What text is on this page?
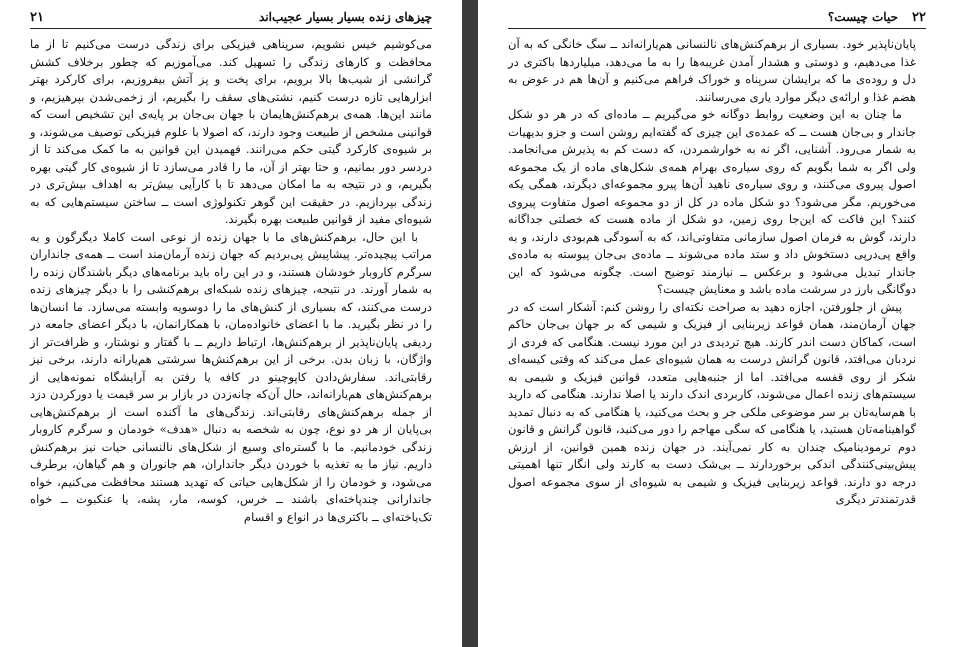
۲۱	چیزهای زنده بسیار بسیار عجیب‌اند

می‌کوشیم خیس نشویم، سرپناهی فیزیکی برای زندگی درست می‌کنیم تا از ما محافظت و کارهای زندگی را تسهیل کند. می‌آموزیم که چطور برخلاف کشش گرانشی از شیب‌ها بالا برویم، برای پخت و پز آتش بیفروزیم، برای کارکرد بهتر ابزارهایی تازه درست کنیم، نشتی‌های سقف را بگیریم، از زخمی‌شدن بپرهیزیم، و مانند این‌ها. همه‌ی برهم‌کنش‌هایمان با جهان بی‌جان بر پایه‌ی این تشخیص است که قوانینی مشخص از طبیعت وجود دارند، که اصولا با علوم فیزیکی توصیف می‌شوند، و بر شیوه‌ی کارکرد گیتی حکم می‌رانند. فهمیدن این قوانین به ما کمک می‌کند تا از دردسر دور بمانیم، و حتا بهتر از آن، ما را قادر می‌سازد تا از شیوه‌ی کار گیتی بهره بگیریم، و در نتیجه به ما امکان می‌دهد تا با کارآیی بیش‌تر به اهداف بیش‌تری در زندگی بپردازیم. در حقیقت این گوهر تکنولوژی است ــ ساختن سیستم‌هایی که به شیوه‌ای مفید از قوانین طبیعت بهره بگیرند.

با این حال، برهم‌کنش‌های ما با جهان زنده از نوعی است کاملا دیگرگون و به مراتب پیچیده‌تر. پیشاپیش پی‌بردیم که جهان زنده آرمان‌مند است ــ همه‌ی جانداران سرگرم کاروبار خودشان هستند، و در این راه باید برنامه‌های دیگر باشندگان زنده را به شمار آورند. در نتیجه، چیزهای زنده شبکه‌ای برهم‌کنشی را با دیگر چیزهای زنده درست می‌کنند، که بسیاری از کنش‌های ما را دوسویه وابسته می‌سازد. ما انسان‌ها را در نظر بگیرید. ما با اعضای خانواده‌مان، با همکارانمان، با دیگر اعضای جامعه در ردیفی پایان‌ناپذیر از برهم‌کنش‌ها، ارتباط داریم ــ با گفتار و نوشتار، و ظرافت‌تر از واژگان، با زبان بدن. برخی از این برهم‌کنش‌ها سرشتی هم‌یارانه دارند، برخی نیز رقابتی‌اند. سفارش‌دادن کاپوچینو در کافه یا رفتن به آرایشگاه نمونه‌هایی از برهم‌کنش‌های هم‌یارانه‌اند، حال آن‌که چانه‌زدن در بازار بر سر قیمت یا دورکردن دزد از جمله برهم‌کنش‌های رقابتی‌اند. زندگی‌های ما آکنده است از برهم‌کنش‌هایی بی‌پایان از هر دو نوع، چون به شخصه به دنبال «هدف» خودمان و سرگرم کاروبار زندگی خودمانیم. ما با گستره‌ای وسیع از شکل‌های نالنسانی حیات نیز برهم‌کنش داریم. نیاز ما به تغذیه با خوردن دیگر جانداران، هم جانوران و هم گیاهان، برطرف می‌شود، و خودمان را از شکل‌هایی حیاتی که تهدید هستند محافظت می‌کنیم، خواه جاندارانی چندپاخته‌ای باشند ــ خرس، کوسه، مار، پشه، یا عنکبوت ــ خواه تک‌یاخته‌ای ــ باکتری‌ها در انواع و اقسام

۲۲
حیات چیست؟

پایان‌ناپذیر خود. بسیاری از برهم‌کنش‌های نالنسانی هم‌یارانه‌اند ــ سگ خانگی که به آن غذا می‌دهیم، و دوستی و هشدار آمدن غریبه‌ها را به ما می‌دهد، میلیاردها باکتری در دل و روده‌ی ما که برایشان سرپناه و خوراک فراهم می‌کنیم و آن‌ها هم در عوض به هضم غذا و ارائه‌ی دیگر موارد یاری می‌رسانند.

ما چنان به این وضعیت روابط دوگانه خو می‌گیریم ــ ماده‌ای که در هر دو شکل جاندار و بی‌جان هست ــ که عمده‌ی این چیزی که گفته‌ایم روشن است و جزو بدیهیات به شمار می‌رود. آشنایی، اگر نه به خوارشمردن، که دست کم به پذیرش می‌انجامد. ولی اگر به شما بگویم که روی سیاره‌ی بهرام همه‌ی شکل‌های ماده از یک مجموعه اصول پیروی می‌کنند، و روی سیاره‌ی ناهید آن‌ها پیرو مجموعه‌ای دیگرند، همگی یکه می‌خوریم. مگر می‌شود؟ دو شکل ماده در کل از دو مجموعه اصول متفاوت پیروی کنند؟ این فاکت که این‌جا روی زمین، دو شکل از ماده هست که خصلتی جداگانه دارند، گوش به فرمان اصول سازمانی متفاوتی‌اند، که به آسودگی هم‌بودی دارند، و به واقع پی‌درپی دستخوش داد و ستد ماده می‌شوند ــ ماده‌ی بی‌جان پیوسته به ماده‌ی جاندار تبدیل می‌شود و برعکس ــ نیازمند توضیح است. چگونه می‌شود که این دوگانگی بارز در سرشت ماده باشد و معنایش چیست؟

پیش از جلورفتن، اجازه دهید به صراحت نکته‌ای را روشن کنم: آشکار است که در جهان آرمان‌مند، همان قواعد زیربنایی از فیزیک و شیمی که بر جهان بی‌جان حاکم است، کماکان دست اندر کارند. هیچ تردیدی در این مورد نیست. هنگامی که فردی از نردبان می‌افتد، قانون گرانش درست به همان شیوه‌ای عمل می‌کند که وقتی کیسه‌ای شکر از روی قفسه می‌افتد. اما از جنبه‌هایی متعدد، قوانین فیزیک و شیمی به سیستم‌های زنده اعمال می‌شوند، کاربردی اندک دارند یا اصلا ندارند. هنگامی که دارید با هم‌سایه‌تان بر سر موضوعی ملکی جر و بحث می‌کنید، یا هنگامی که به دنبال تمدید گواهینامه‌تان هستید، یا هنگامی که سگی مهاجم را دور می‌کنید، قانون گرانش و قانون دوم ترمودینامیک چندان به کار نمی‌آیند. در جهان زنده همین قوانین، از ارزش پیش‌بینی‌کنندگی اندکی برخوردارند ــ بی‌شک دست به کارند ولی انگار تنها اهمیتی درجه دو دارند. قواعد زیربنایی فیزیک و شیمی به شیوه‌ای از سوی مجموعه اصول قدرتمندتر دیگری
